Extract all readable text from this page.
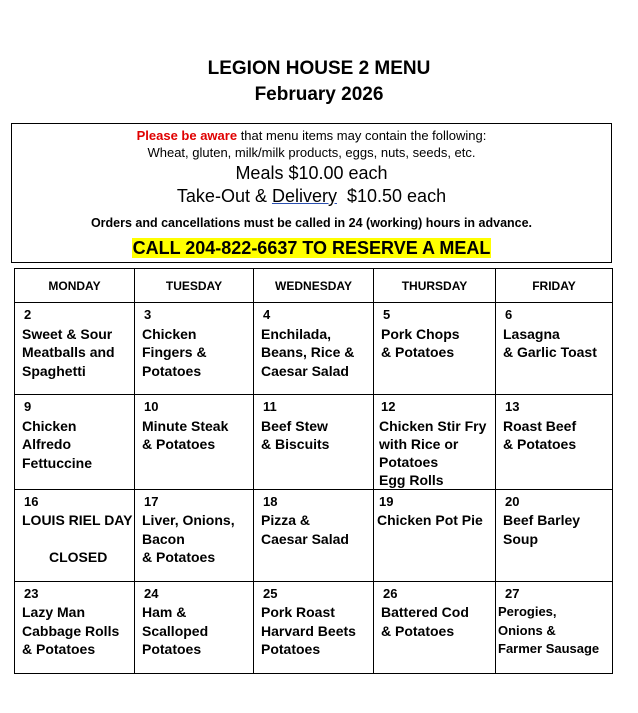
LEGION HOUSE 2 MENU
February 2026
Please be aware that menu items may contain the following:
Wheat, gluten, milk/milk products, eggs, nuts, seeds, etc.
Meals $10.00 each
Take-Out & Delivery  $10.50 each
Orders and cancellations must be called in 24 (working) hours in advance.
CALL 204-822-6637 TO RESERVE A MEAL
MONDAY	TUESDAY	WEDNESDAY	THURSDAY	FRIDAY

2
Sweet & Sour
Meatballs and
Spaghetti	3
Chicken
Fingers &
Potatoes	4
Enchilada,
Beans, Rice &
Caesar Salad	5
Pork Chops
& Potatoes	6
Lasagna
& Garlic Toast

9
Chicken
Alfredo
Fettuccine	10
Minute Steak
& Potatoes	11
Beef Stew
& Biscuits	12
Chicken Stir Fry
with Rice or
Potatoes
Egg Rolls	13
Roast Beef
& Potatoes

16
LOUIS RIEL DAY
CLOSED	17
Liver, Onions,
Bacon
& Potatoes	18
Pizza &
Caesar Salad	19
Chicken Pot Pie	20
Beef Barley
Soup

23
Lazy Man
Cabbage Rolls
& Potatoes	24
Ham &
Scalloped
Potatoes	25
Pork Roast
Harvard Beets
Potatoes	26
Battered Cod
& Potatoes	27
Perogies,
Onions &
Farmer Sausage
